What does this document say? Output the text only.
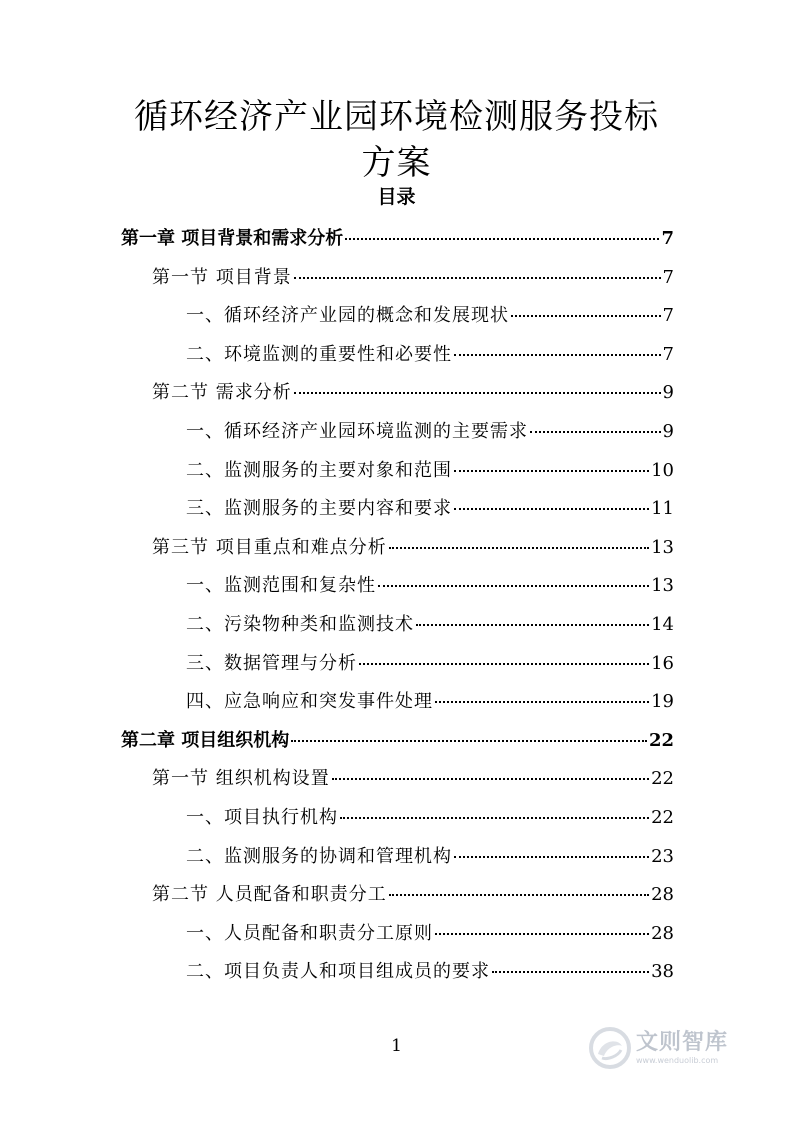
循环经济产业园环境检测服务投标
方案
目录
第一章 项目背景和需求分析	7
第一节 项目背景	7
一、循环经济产业园的概念和发展现状	7
二、环境监测的重要性和必要性	7
第二节 需求分析	9
一、循环经济产业园环境监测的主要需求	9
二、监测服务的主要对象和范围	10
三、监测服务的主要内容和要求	11
第三节 项目重点和难点分析	13
一、监测范围和复杂性	13
二、污染物种类和监测技术	14
三、数据管理与分析	16
四、应急响应和突发事件处理	19
第二章 项目组织机构	22
第一节 组织机构设置	22
一、项目执行机构	22
二、监测服务的协调和管理机构	23
第二节 人员配备和职责分工	28
一、人员配备和职责分工原则	28
二、项目负责人和项目组成员的要求	38
1	文则智库
www.wenduolib.com
